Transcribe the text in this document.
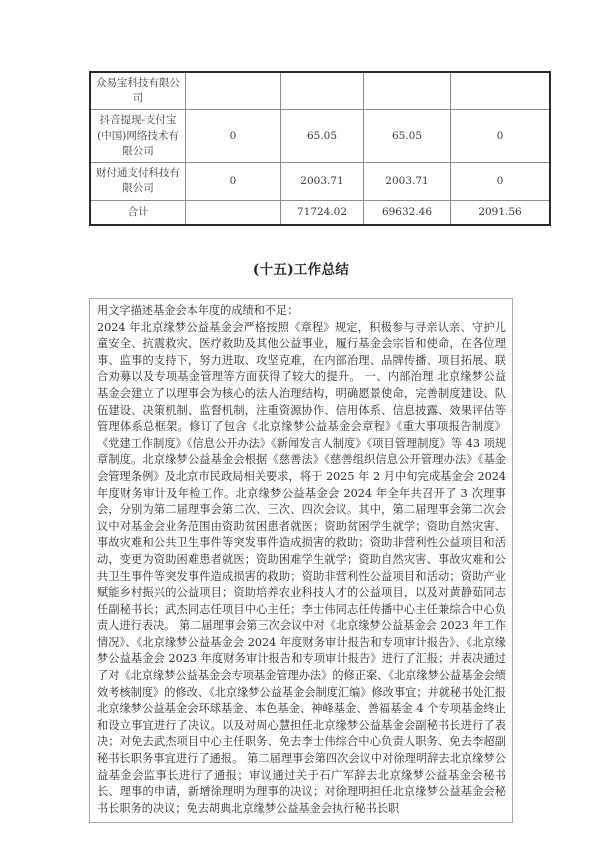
众易宝科技有限公司				
抖音提现-支付宝(中国)网络技术有限公司	0	65.05	65.05	0
财付通支付科技有限公司	0	2003.71	2003.71	0
合计		71724.02	69632.46	2091.56
(十五)工作总结

用文字描述基金会本年度的成绩和不足：

2024 年北京缘梦公益基金会严格按照《章程》规定，积极参与寻亲认亲、守护儿童安全、抗震救灾、医疗救助及其他公益事业，履行基金会宗旨和使命，在各位理事、监事的支持下，努力进取、攻坚克难，在内部治理、品牌传播、项目拓展、联合劝募以及专项基金管理等方面获得了较大的提升。 一、内部治理 北京缘梦公益基金会建立了以理事会为核心的法人治理结构，明确愿景使命，完善制度建设、队伍建设、决策机制、监督机制，注重资源协作、信用体系、信息披露、效果评估等管理体系总框架。修订了包含《北京缘梦公益基金会章程》《重大事项报告制度》《党建工作制度》《信息公开办法》《新闻发言人制度》《项目管理制度》等 43 项规章制度。北京缘梦公益基金会根据《慈善法》《慈善组织信息公开管理办法》《基金会管理条例》及北京市民政局相关要求，将于 2025 年 2 月中旬完成基金会 2024 年度财务审计及年检工作。北京缘梦公益基金会 2024 年全年共召开了 3 次理事会，分别为第二届理事会第二次、三次、四次会议。其中，第二届理事会第二次会议中对基金会业务范围由资助贫困患者就医；资助贫困学生就学；资助自然灾害、事故灾难和公共卫生事件等突发事件造成损害的救助；资助非营利性公益项目和活动，变更为资助困难患者就医；资助困难学生就学；资助自然灾害、事故灾难和公共卫生事件等突发事件造成损害的救助；资助非营利性公益项目和活动；资助产业赋能乡村振兴的公益项目；资助培养农业科技人才的公益项目，以及对黄静茹同志任副秘书长；武杰同志任项目中心主任；李士伟同志任传播中心主任兼综合中心负责人进行表决。 第二届理事会第三次会议中对《北京缘梦公益基金会 2023 年工作情况》、《北京缘梦公益基金会 2024 年度财务审计报告和专项审计报告》、《北京缘梦公益基金会 2023 年度财务审计报告和专项审计报告》进行了汇报；并表决通过了对《北京缘梦公益基金会专项基金管理办法》的修正案、《北京缘梦公益基金会绩效考核制度》的修改、《北京缘梦公益基金会制度汇编》修改事宜；并就秘书处汇报北京缘梦公益基金会环球基金、本色基金、神峰基金、善福基金 4 个专项基金终止和设立事宜进行了决议。以及对周心慧担任北京缘梦公益基金会副秘书长进行了表决；对免去武杰项目中心主任职务、免去李士伟综合中心负责人职务、免去李超副秘书长职务事宜进行了通报。 第二届理事会第四次会议中对徐理明辞去北京缘梦公益基金会监事长进行了通报；审议通过关于石广军辞去北京缘梦公益基金会秘书长、理事的申请，新增徐理明为理事的决议；对徐理明担任北京缘梦公益基金会秘书长职务的决议；免去胡典北京缘梦公益基金会执行秘书长职
